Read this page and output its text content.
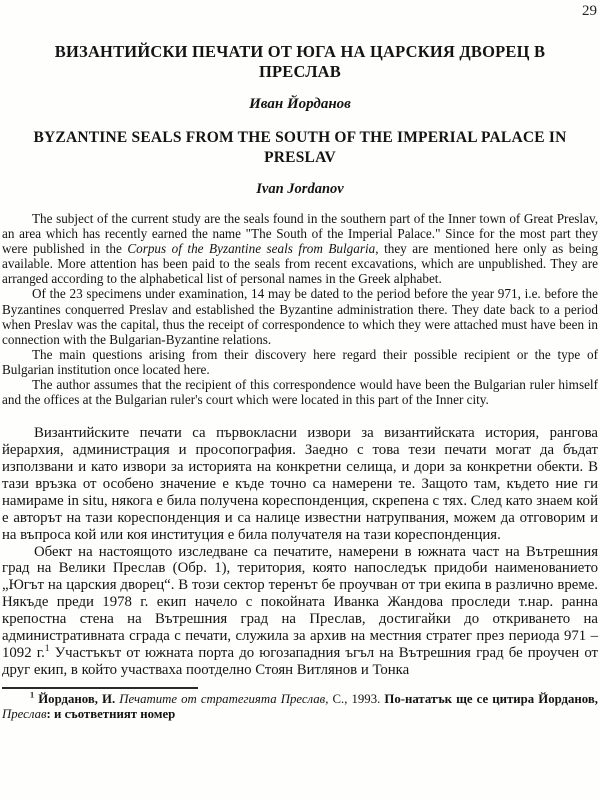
29
ВИЗАНТИЙСКИ ПЕЧАТИ ОТ ЮГА НА ЦАРСКИЯ ДВОРЕЦ В ПРЕСЛАВ
Иван Йорданов
BYZANTINE SEALS FROM THE SOUTH OF THE IMPERIAL PALACE IN PRESLAV
Ivan Jordanov

The subject of the current study are the seals found in the southern part of the Inner town of Great Preslav, an area which has recently earned the name "The South of the Imperial Palace." Since for the most part they were published in the Corpus of the Byzantine seals from Bulgaria, they are mentioned here only as being available. More attention has been paid to the seals from recent excavations, which are unpublished. They are arranged according to the alphabetical list of personal names in the Greek alphabet.

Of the 23 specimens under examination, 14 may be dated to the period before the year 971, i.e. before the Byzantines conquerred Preslav and established the Byzantine administration there. They date back to a period when Preslav was the capital, thus the receipt of correspondence to which they were attached must have been in connection with the Bulgarian-Byzantine relations.

The main questions arising from their discovery here regard their possible recipient or the type of Bulgarian institution once located here.

The author assumes that the recipient of this correspondence would have been the Bulgarian ruler himself and the offices at the Bulgarian ruler's court which were located in this part of the Inner city.

Византийските печати са първокласни извори за византийската история, рангова йерархия, администрация и просопография. Заедно с това тези печати могат да бъдат използвани и като извори за историята на конкретни селища, и дори за конкретни обекти. В тази връзка от особено значение е къде точно са намерени те. Защото там, където ние ги намираме in situ, някога е била получена кореспонденция, скрепена с тях. След като знаем кой е авторът на тази кореспонденция и са налице известни натрупвания, можем да отговорим и на въпроса кой или коя институция е била получателя на тази кореспонденция.

Обект на настоящото изследване са печатите, намерени в южната част на Вътрешния град на Велики Преслав (Обр. 1), територия, която напоследък придоби наименованието „Югът на царския дворец“. В този сектор теренът бе проучван от три екипа в различно време. Някъде преди 1978 г. екип начело с покойната Иванка Жандова проследи т.нар. ранна крепостна стена на Вътрешния град на Преслав, достигайки до откриването на административната сграда с печати, служила за архив на местния стратег през периода 971 – 1092 г.$^1$ Участъкът от южната порта до югозападния ъгъл на Вътрешния град бе проучен от друг екип, в който участваха поотделно Стоян Витлянов и Тонка

$^1$ Йорданов, И. Печатите от стратегията Преслав, С., 1993. По-нататък ще се цитира Йорданов, Преслав: и съответният номер
